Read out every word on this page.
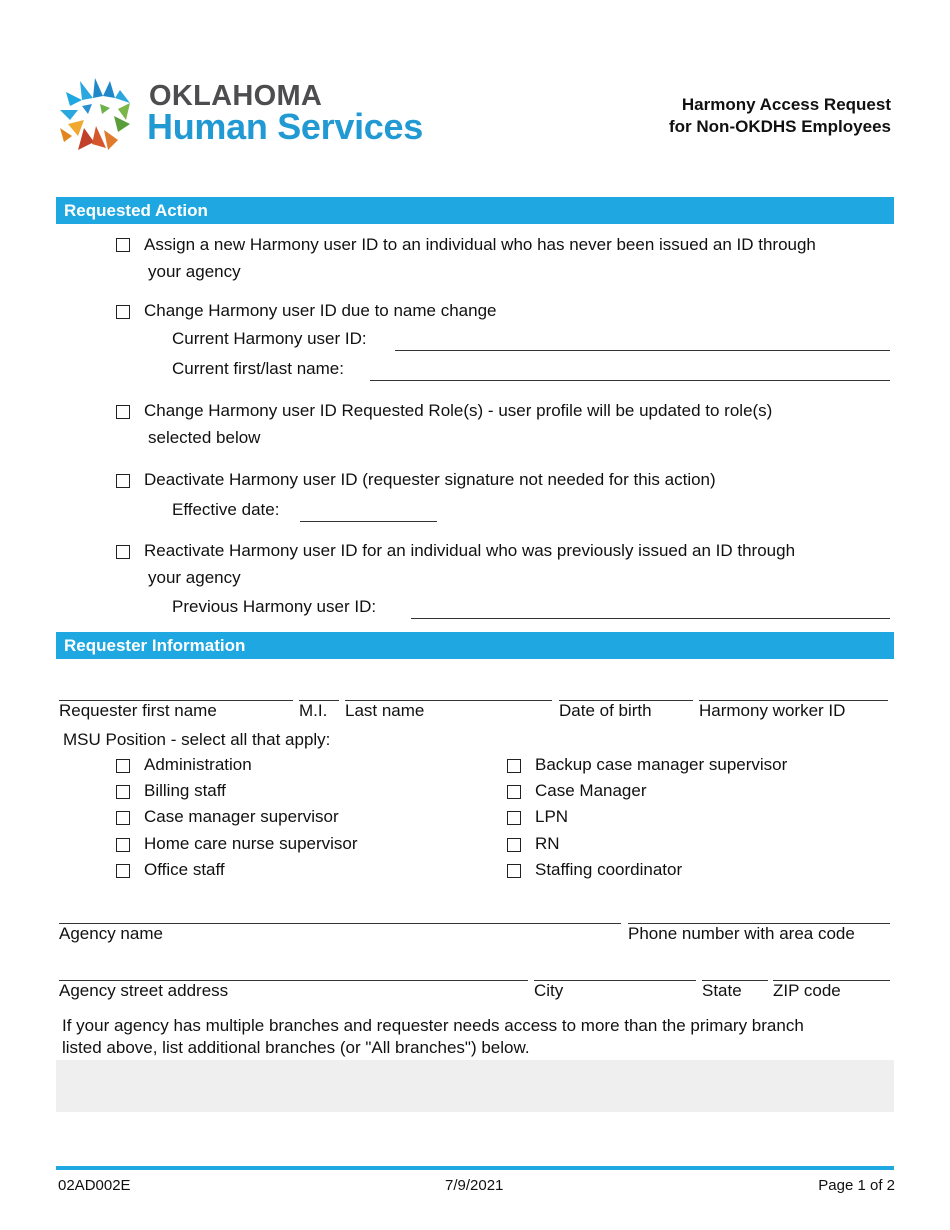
OKLAHOMA
Human Services
Harmony Access Request
for Non-OKDHS Employees
Requested Action
Assign a new Harmony user ID to an individual who has never been issued an ID through
your agency
Change Harmony user ID due to name change
Current Harmony user ID:
Current first/last name:
Change Harmony user ID Requested Role(s) - user profile will be updated to role(s)
selected below
Deactivate Harmony user ID (requester signature not needed for this action)
Effective date:
Reactivate Harmony user ID for an individual who was previously issued an ID through
your agency
Previous Harmony user ID:
Requester Information
Requester first name	M.I. Last name	Date of birth	Harmony worker ID
MSU Position - select all that apply:
Administration
Billing staff
Case manager supervisor
Home care nurse supervisor
Office staff
Backup case manager supervisor
Case Manager
LPN
RN
Staffing coordinator
Agency name	Phone number with area code
Agency street address	City	State ZIP code
If your agency has multiple branches and requester needs access to more than the primary branch
listed above, list additional branches (or "All branches") below.
02AD002E	7/9/2021	Page 1 of 2
